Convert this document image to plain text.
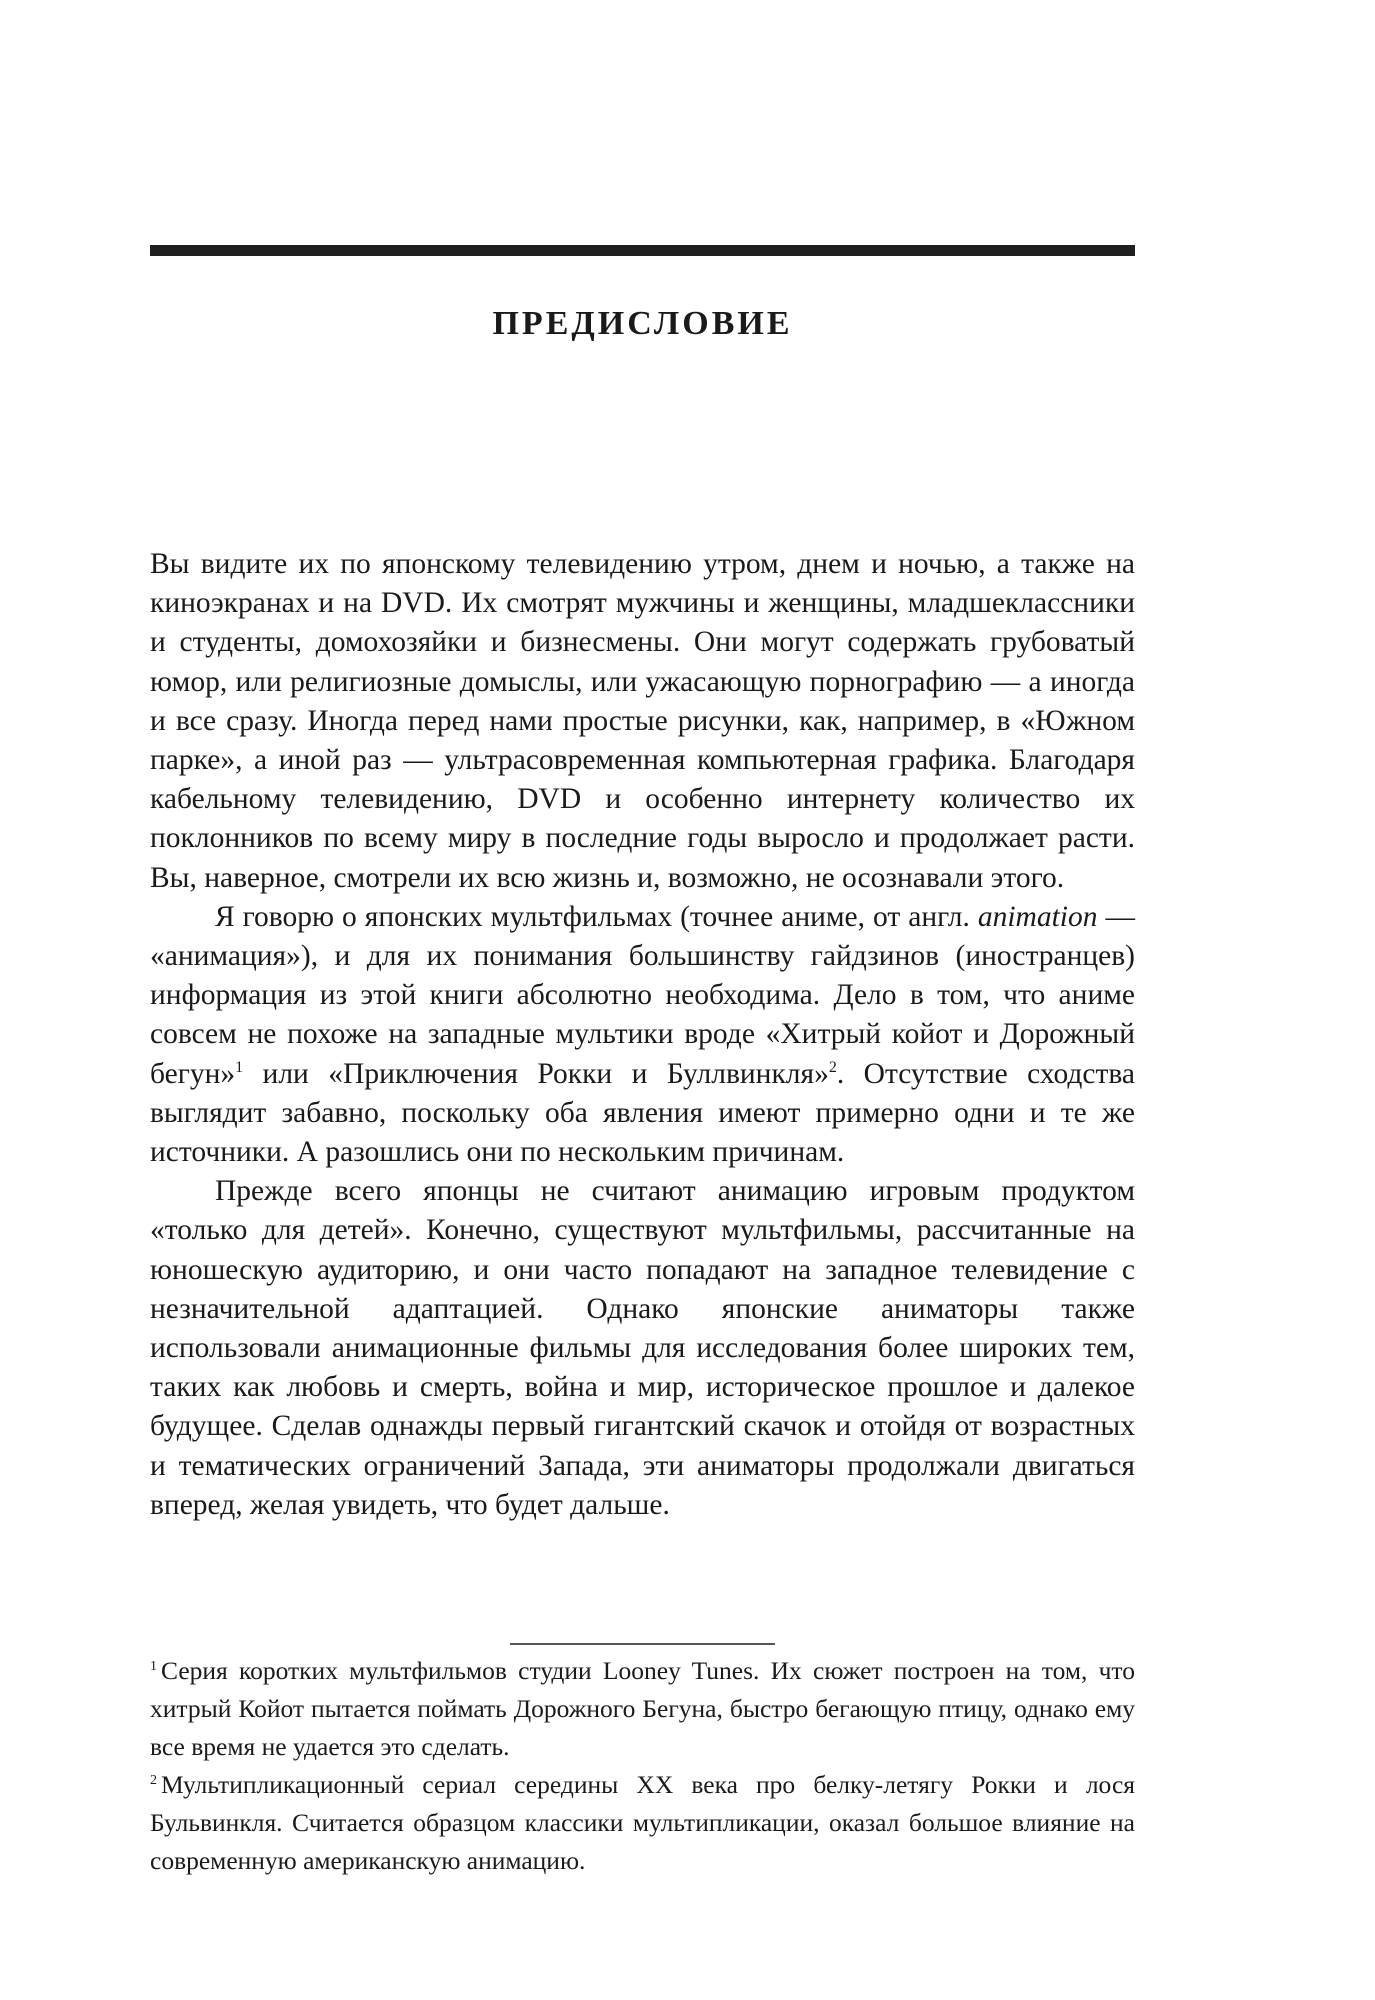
ПРЕДИСЛОВИЕ

Вы видите их по японскому телевидению утром, днем и ночью, а также на киноэкранах и на DVD. Их смотрят мужчины и женщины, младшеклассники и студенты, домохозяйки и бизнесмены. Они могут содержать грубоватый юмор, или религиозные домыслы, или ужасающую порнографию — а иногда и все сразу. Иногда перед нами простые рисунки, как, например, в «Южном парке», а иной раз — ультрасовременная компьютерная графика. Благодаря кабельному телевидению, DVD и особенно интернету количество их поклонников по всему миру в последние годы выросло и продолжает расти. Вы, наверное, смотрели их всю жизнь и, возможно, не осознавали этого.

Я говорю о японских мультфильмах (точнее аниме, от англ. animation — «анимация»), и для их понимания большинству гайдзинов (иностранцев) информация из этой книги абсолютно необходима. Дело в том, что аниме совсем не похоже на западные мультики вроде «Хитрый койот и Дорожный бегун»$^1$ или «Приключения Рокки и Буллвинкля»$^2$. Отсутствие сходства выглядит забавно, поскольку оба явления имеют примерно одни и те же источники. А разошлись они по нескольким причинам.

Прежде всего японцы не считают анимацию игровым продуктом «только для детей». Конечно, существуют мультфильмы, рассчитанные на юношескую аудиторию, и они часто попадают на западное телевидение с незначительной адаптацией. Однако японские аниматоры также использовали анимационные фильмы для исследования более широких тем, таких как любовь и смерть, война и мир, историческое прошлое и далекое будущее. Сделав однажды первый гигантский скачок и отойдя от возрастных и тематических ограничений Запада, эти аниматоры продолжали двигаться вперед, желая увидеть, что будет дальше.

$^1$ Серия коротких мультфильмов студии Looney Tunes. Их сюжет построен на том, что хитрый Койот пытается поймать Дорожного Бегуна, быстро бегающую птицу, однако ему все время не удается это сделать.

$^2$ Мультипликационный сериал середины XX века про белку-летягу Рокки и лося Бульвинкля. Считается образцом классики мультипликации, оказал большое влияние на современную американскую анимацию.
